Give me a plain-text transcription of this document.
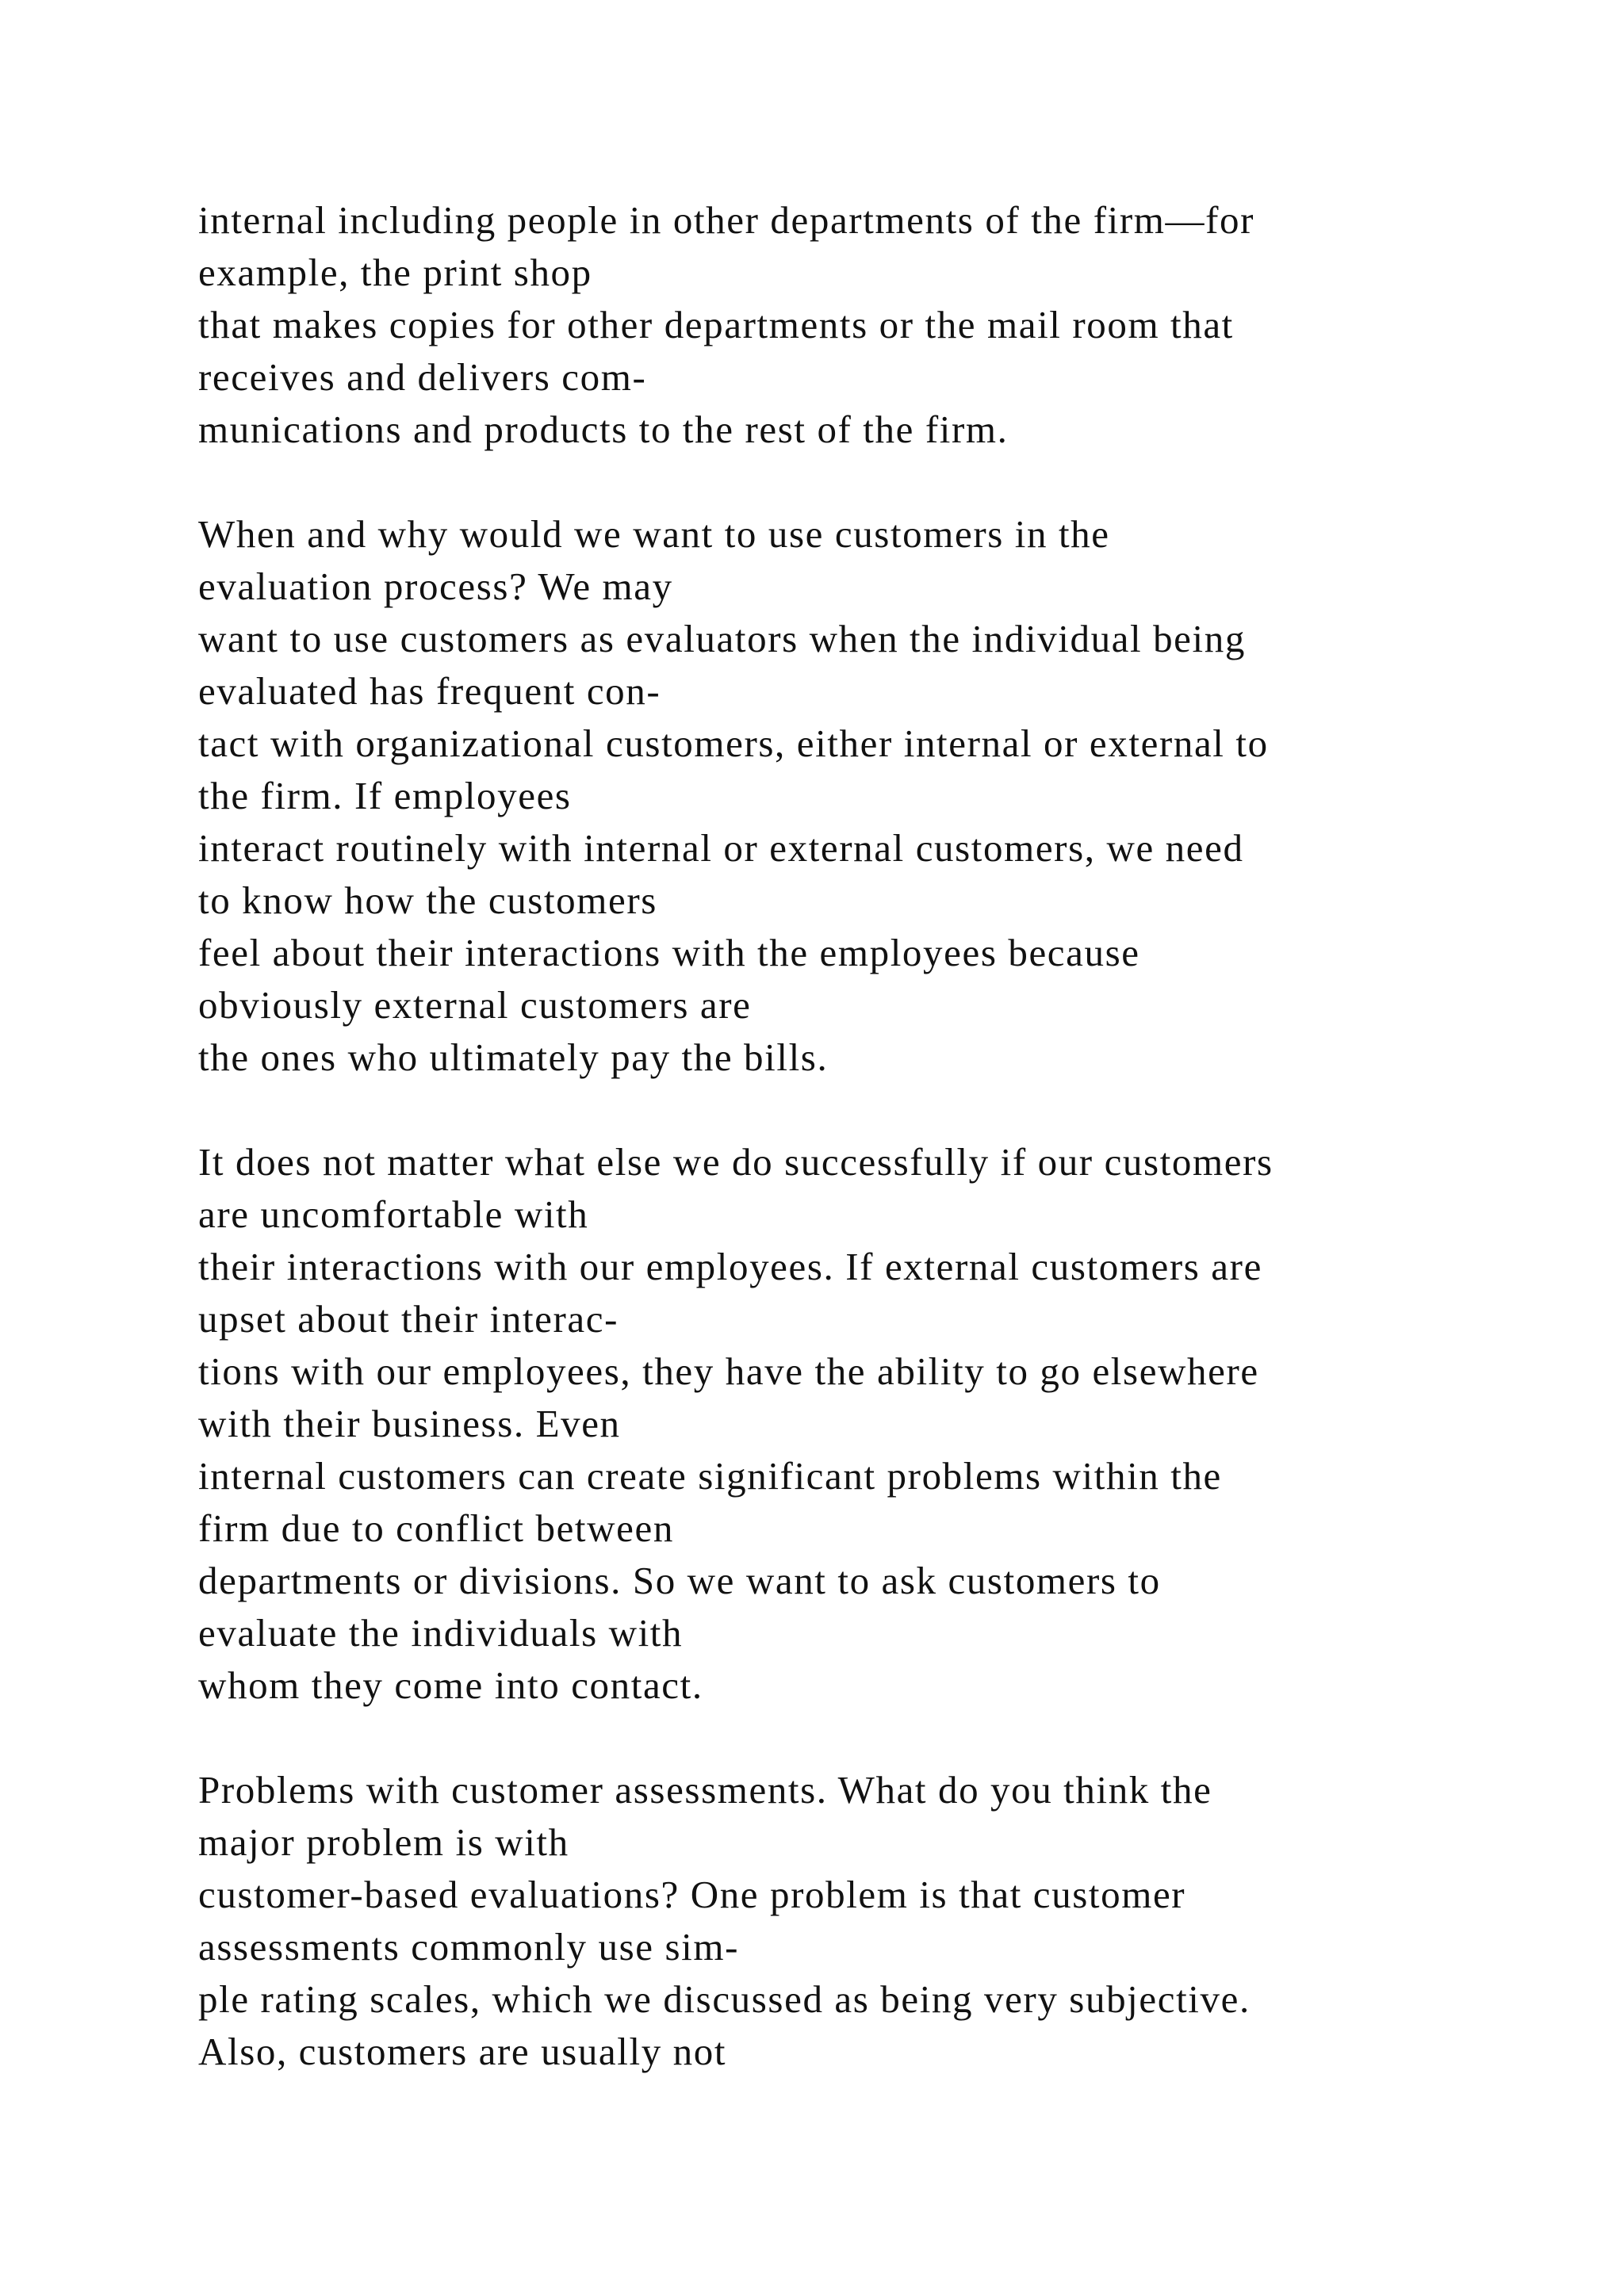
internal including people in other departments of the firm—for
example, the print shop
that makes copies for other departments or the mail room that
receives and delivers com-
munications and products to the rest of the firm.
When and why would we want to use customers in the
evaluation process? We may
want to use customers as evaluators when the individual being
evaluated has frequent con-
tact with organizational customers, either internal or external to
the firm. If employees
interact routinely with internal or external customers, we need
to know how the customers
feel about their interactions with the employees because
obviously external customers are
the ones who ultimately pay the bills.
It does not matter what else we do successfully if our customers
are uncomfortable with
their interactions with our employees. If external customers are
upset about their interac-
tions with our employees, they have the ability to go elsewhere
with their business. Even
internal customers can create significant problems within the
firm due to conflict between
departments or divisions. So we want to ask customers to
evaluate the individuals with
whom they come into contact.
Problems with customer assessments. What do you think the
major problem is with
customer-based evaluations? One problem is that customer
assessments commonly use sim-
ple rating scales, which we discussed as being very subjective.
Also, customers are usually not
